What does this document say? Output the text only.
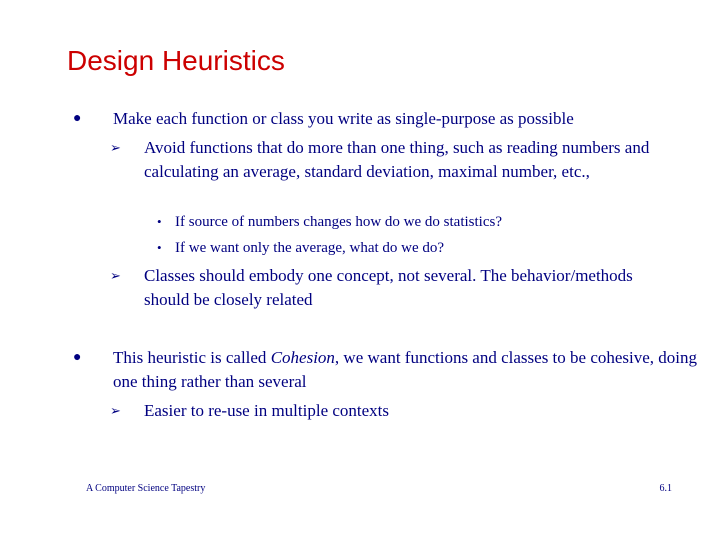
Design Heuristics
● Make each function or class you write as single-purpose as possible
➢ Avoid functions that do more than one thing, such as reading numbers and calculating an average, standard deviation, maximal number, etc.,
• If source of numbers changes how do we do statistics?
• If we want only the average, what do we do?
➢ Classes should embody one concept, not several. The behavior/methods should be closely related
● This heuristic is called Cohesion, we want functions and classes to be cohesive, doing one thing rather than several
➢ Easier to re-use in multiple contexts
A Computer Science Tapestry	6.1
